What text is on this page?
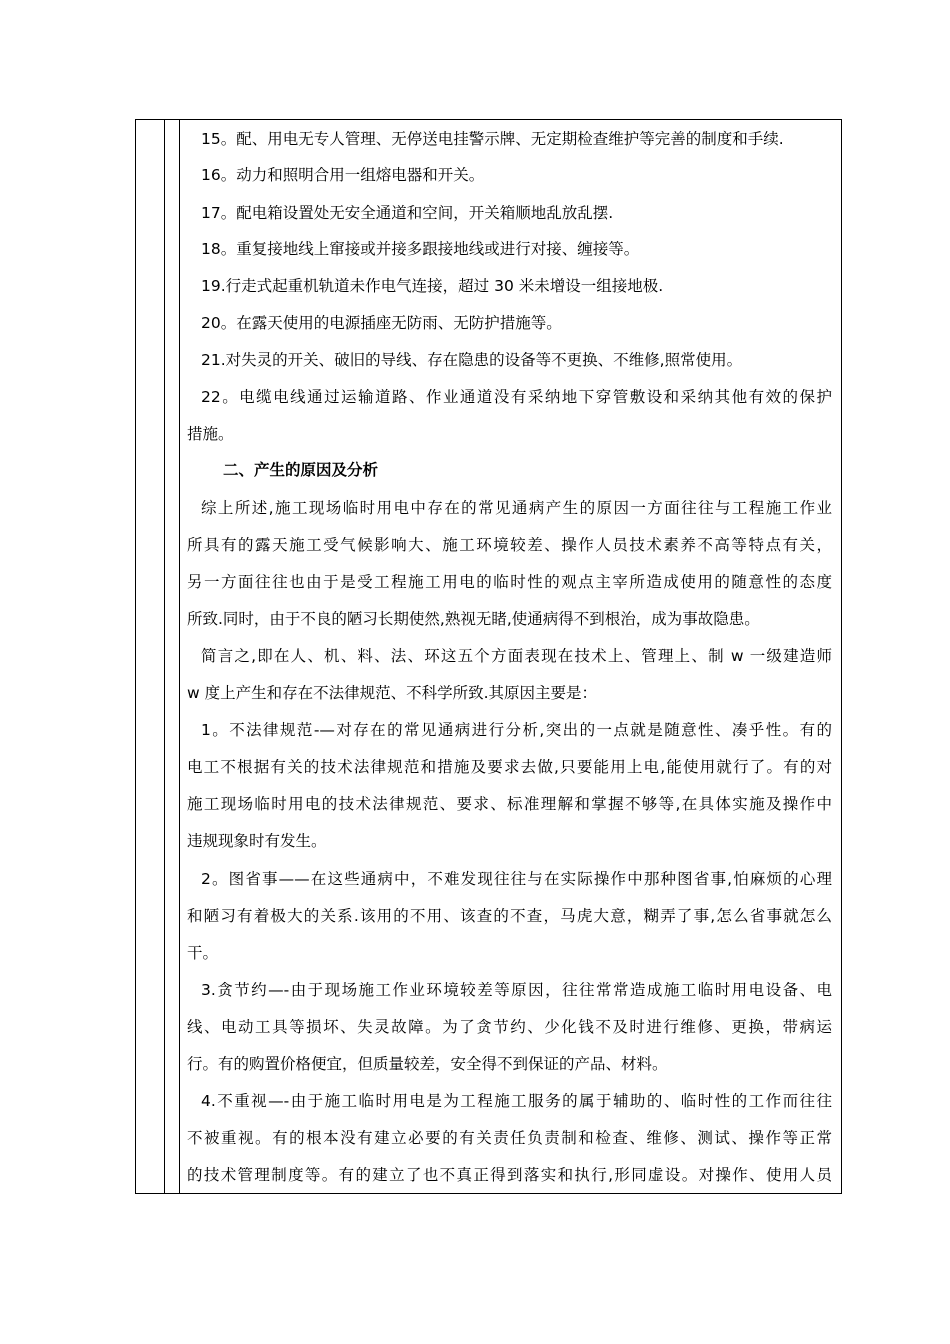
15。配、用电无专人管理、无停送电挂警示牌、无定期检查维护等完善的制度和手续.
16。动力和照明合用一组熔电器和开关。
17。配电箱设置处无安全通道和空间，开关箱顺地乱放乱摆.
18。重复接地线上窜接或并接多跟接地线或进行对接、缠接等。
19.行走式起重机轨道未作电气连接，超过 30 米未增设一组接地极.
20。在露天使用的电源插座无防雨、无防护措施等。
21.对失灵的开关、破旧的导线、存在隐患的设备等不更换、不维修,照常使用。
22。电缆电线通过运输道路、作业通道没有采纳地下穿管敷设和采纳其他有效的保护
措施。
二、产生的原因及分析
综上所述,施工现场临时用电中存在的常见通病产生的原因一方面往往与工程施工作业
所具有的露天施工受气候影响大、施工环境较差、操作人员技术素养不高等特点有关，
另一方面往往也由于是受工程施工用电的临时性的观点主宰所造成使用的随意性的态度
所致.同时，由于不良的陋习长期使然,熟视无睹,使通病得不到根治，成为事故隐患。
简言之,即在人、机、料、法、环这五个方面表现在技术上、管理上、制 w 一级建造师
w 度上产生和存在不法律规范、不科学所致.其原因主要是：
1。不法律规范-—对存在的常见通病进行分析,突出的一点就是随意性、凑乎性。有的
电工不根据有关的技术法律规范和措施及要求去做,只要能用上电,能使用就行了。有的对
施工现场临时用电的技术法律规范、要求、标准理解和掌握不够等,在具体实施及操作中
违规现象时有发生。
2。图省事——在这些通病中，不难发现往往与在实际操作中那种图省事,怕麻烦的心理
和陋习有着极大的关系.该用的不用、该查的不查，马虎大意，糊弄了事,怎么省事就怎么
干。
3.贪节约—-由于现场施工作业环境较差等原因，往往常常造成施工临时用电设备、电
线、电动工具等损坏、失灵故障。为了贪节约、少化钱不及时进行维修、更换，带病运
行。有的购置价格便宜，但质量较差，安全得不到保证的产品、材料。
4.不重视—-由于施工临时用电是为工程施工服务的属于辅助的、临时性的工作而往往
不被重视。有的根本没有建立必要的有关责任负责制和检查、维修、测试、操作等正常
的技术管理制度等。有的建立了也不真正得到落实和执行,形同虚设。对操作、使用人员
